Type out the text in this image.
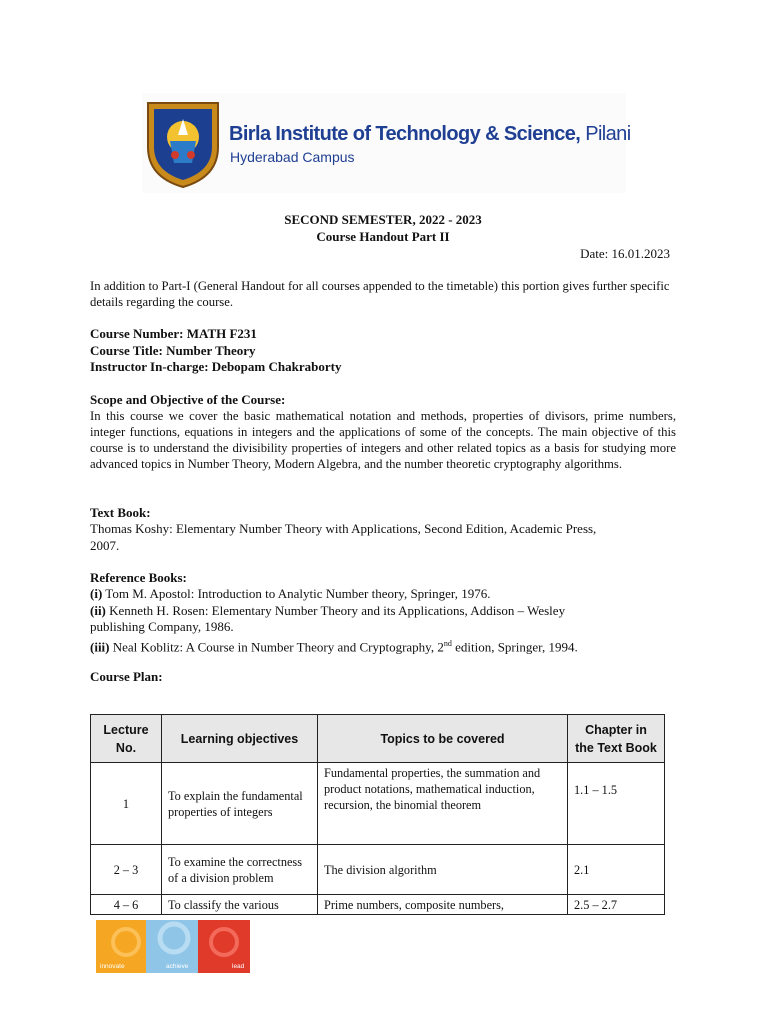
Birla Institute of Technology & Science, Pilani
Hyderabad Campus
SECOND SEMESTER, 2022 - 2023
Course Handout Part II
Date: 16.01.2023
In addition to Part-I (General Handout for all courses appended to the timetable) this portion gives further specific details regarding the course.
Course Number: MATH F231
Course Title: Number Theory
Instructor In-charge: Debopam Chakraborty
Scope and Objective of the Course:
In this course we cover the basic mathematical notation and methods, properties of divisors, prime numbers, integer functions, equations in integers and the applications of some of the concepts. The main objective of this course is to understand the divisibility properties of integers and other related topics as a basis for studying more advanced topics in Number Theory, Modern Algebra, and the number theoretic cryptography algorithms.
Text Book:
Thomas Koshy: Elementary Number Theory with Applications, Second Edition, Academic Press,
2007.
Reference Books:
(i) Tom M. Apostol: Introduction to Analytic Number theory, Springer, 1976.
(ii) Kenneth H. Rosen: Elementary Number Theory and its Applications, Addison – Wesley
publishing Company, 1986.
(iii) Neal Koblitz: A Course in Number Theory and Cryptography, 2nd edition, Springer, 1994.
Course Plan:
Lecture No.	Learning objectives	Topics to be covered	Chapter in the Text Book
1	To explain the fundamental properties of integers	Fundamental properties, the summation and product notations, mathematical induction, recursion, the binomial theorem	1.1 – 1.5
2 – 3	To examine the correctness of a division problem	The division algorithm	2.1
4 – 6	To classify the various	Prime numbers, composite numbers,	2.5 – 2.7
innovate	achieve	lead
